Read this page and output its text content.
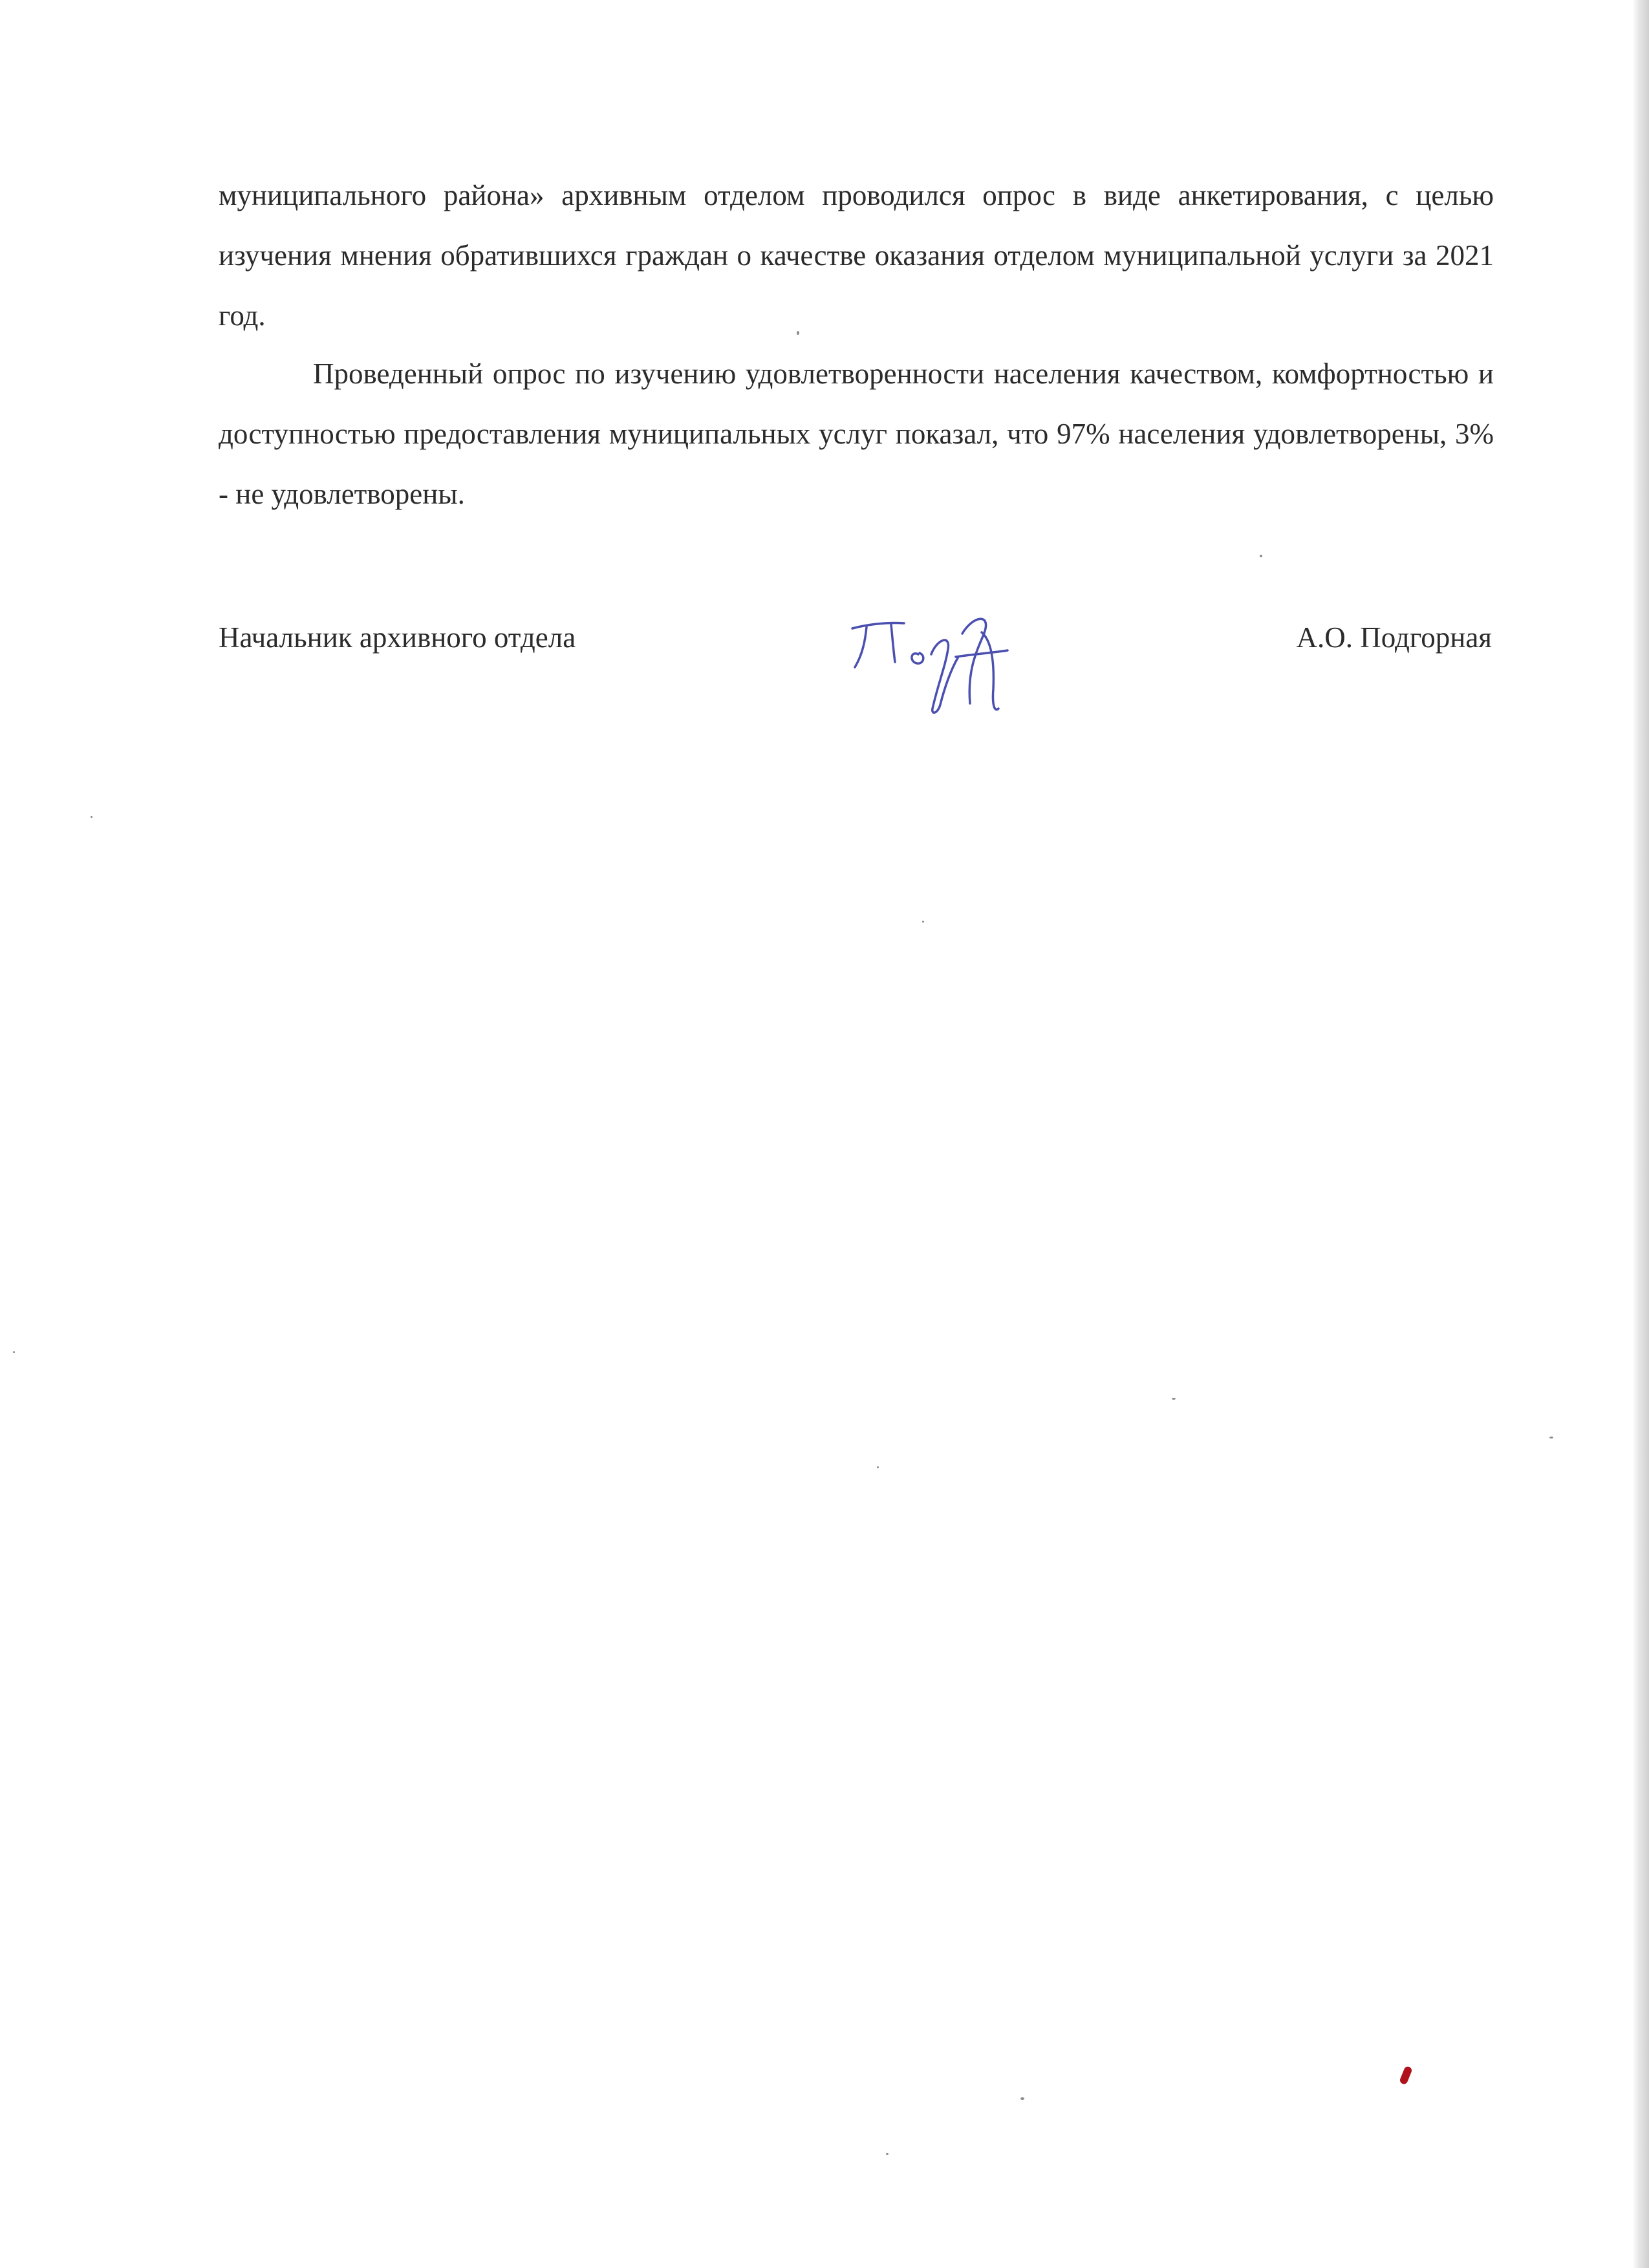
муниципального района» архивным отделом проводился опрос в виде анкетирования, с целью изучения мнения обратившихся граждан о качестве оказания отделом муниципальной услуги за 2021 год.

Проведенный опрос по изучению удовлетворенности населения качеством, комфортностью и доступностью предоставления муниципальных услуг показал, что 97% населения удовлетворены, 3% - не удовлетворены.

Начальник архивного отдела	А.О. Подгорная
